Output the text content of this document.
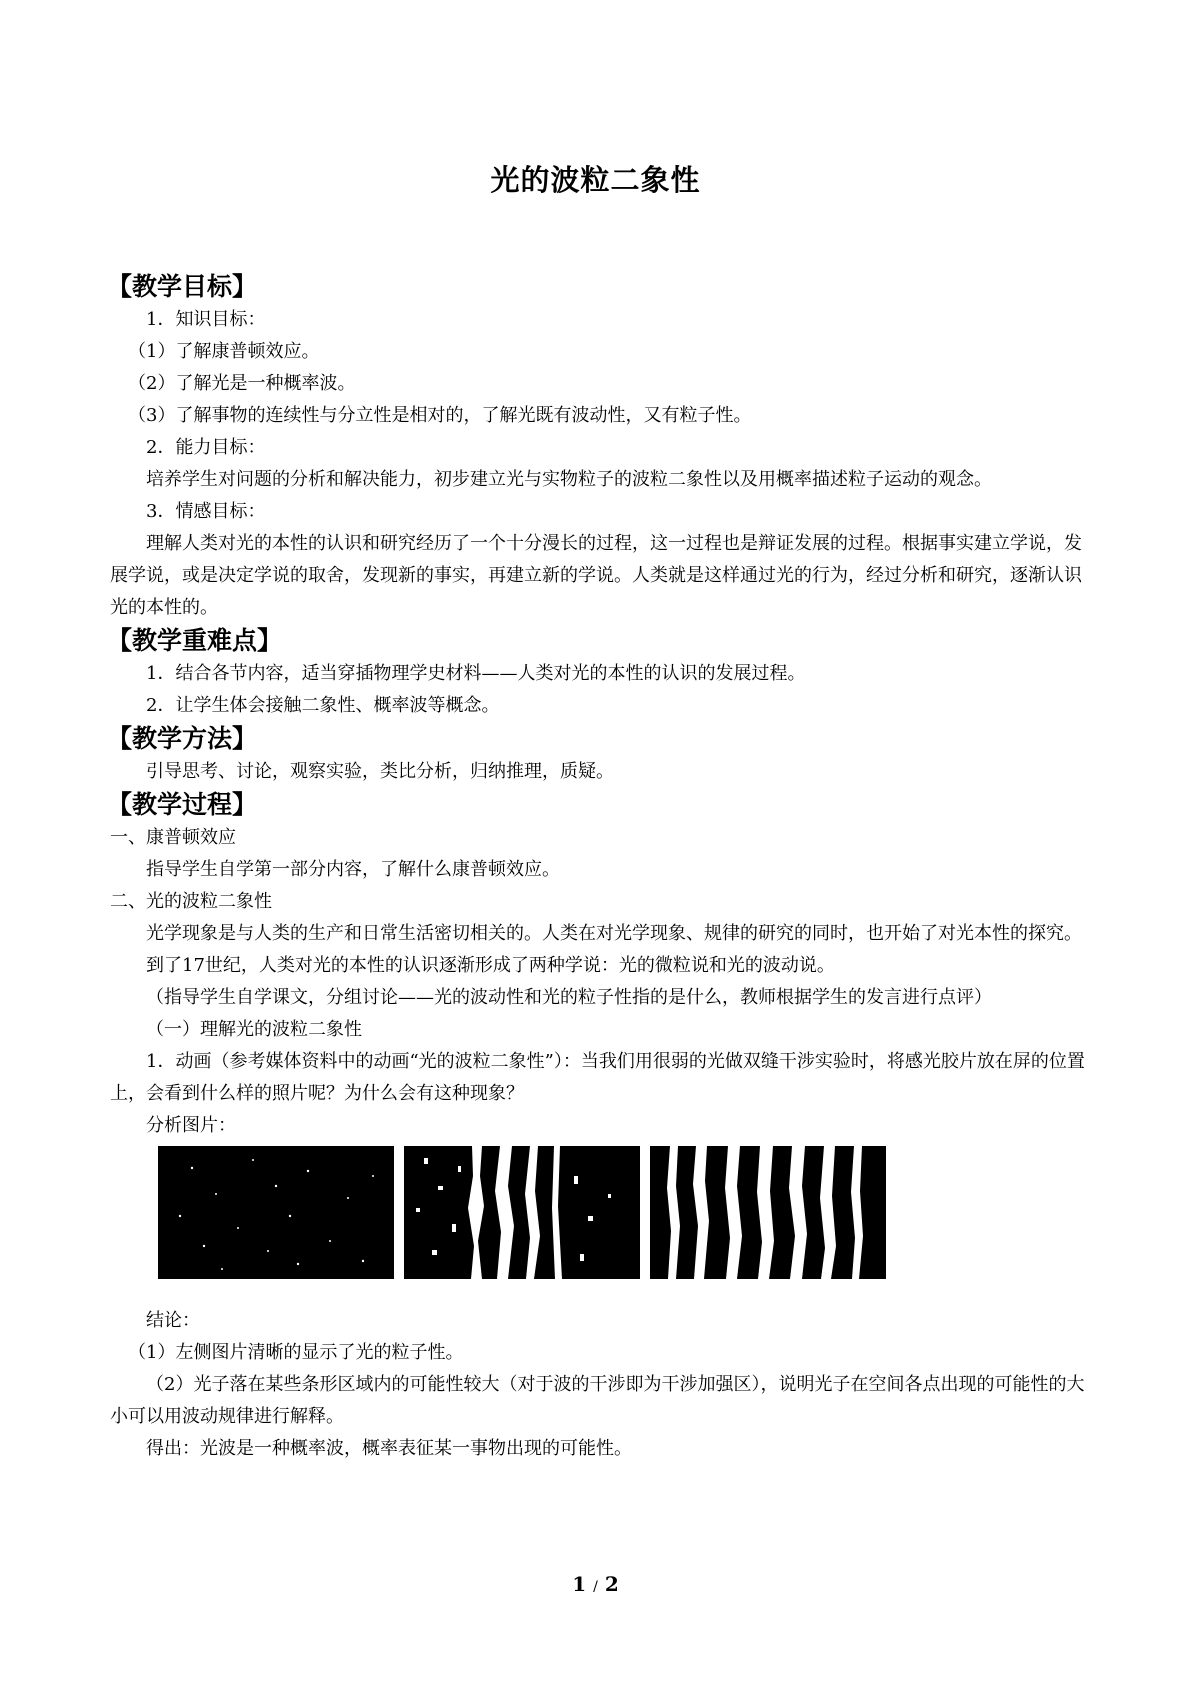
光的波粒二象性

【教学目标】

1．知识目标：

（1）了解康普顿效应。

（2）了解光是一种概率波。

（3）了解事物的连续性与分立性是相对的，了解光既有波动性，又有粒子性。

2．能力目标：

培养学生对问题的分析和解决能力，初步建立光与实物粒子的波粒二象性以及用概率描述粒子运动的观念。

3．情感目标：

理解人类对光的本性的认识和研究经历了一个十分漫长的过程，这一过程也是辩证发展的过程。根据事实建立学说，发展学说，或是决定学说的取舍，发现新的事实，再建立新的学说。人类就是这样通过光的行为，经过分析和研究，逐渐认识光的本性的。

【教学重难点】

1．结合各节内容，适当穿插物理学史材料——人类对光的本性的认识的发展过程。

2．让学生体会接触二象性、概率波等概念。

【教学方法】

引导思考、讨论，观察实验，类比分析，归纳推理，质疑。

【教学过程】

一、康普顿效应

指导学生自学第一部分内容，了解什么康普顿效应。

二、光的波粒二象性

光学现象是与人类的生产和日常生活密切相关的。人类在对光学现象、规律的研究的同时，也开始了对光本性的探究。

到了17世纪，人类对光的本性的认识逐渐形成了两种学说：光的微粒说和光的波动说。

（指导学生自学课文，分组讨论——光的波动性和光的粒子性指的是什么，教师根据学生的发言进行点评）

（一）理解光的波粒二象性

1．动画（参考媒体资料中的动画“光的波粒二象性”）：当我们用很弱的光做双缝干涉实验时，将感光胶片放在屏的位置上，会看到什么样的照片呢？为什么会有这种现象？

分析图片：

结论：

（1）左侧图片清晰的显示了光的粒子性。

（2）光子落在某些条形区域内的可能性较大（对于波的干涉即为干涉加强区），说明光子在空间各点出现的可能性的大小可以用波动规律进行解释。

得出：光波是一种概率波，概率表征某一事物出现的可能性。

1 / 2
